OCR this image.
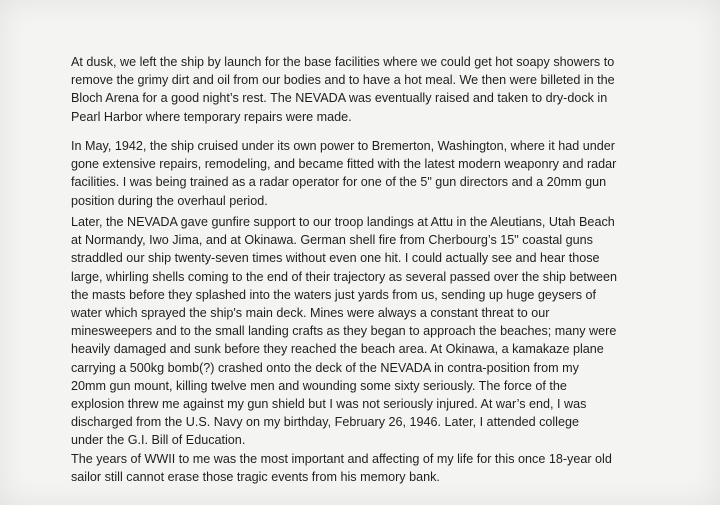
At dusk, we left the ship by launch for the base facilities where we could get hot soapy showers to
remove the grimy dirt and oil from our bodies and to have a hot meal. We then were billeted in the
Bloch Arena for a good night’s rest. The NEVADA was eventually raised and taken to dry-dock in
Pearl Harbor where temporary repairs were made.
In May, 1942, the ship cruised under its own power to Bremerton, Washington, where it had under
gone extensive repairs, remodeling, and became fitted with the latest modern weaponry and radar
facilities. I was being trained as a radar operator for one of the 5" gun directors and a 20mm gun
position during the overhaul period.
Later, the NEVADA gave gunfire support to our troop landings at Attu in the Aleutians, Utah Beach
at Normandy, Iwo Jima, and at Okinawa. German shell fire from Cherbourg’s 15" coastal guns
straddled our ship twenty-seven times without even one hit. I could actually see and hear those
large, whirling shells coming to the end of their trajectory as several passed over the ship between
the masts before they splashed into the waters just yards from us, sending up huge geysers of
water which sprayed the ship's main deck. Mines were always a constant threat to our
minesweepers and to the small landing crafts as they began to approach the beaches; many were
heavily damaged and sunk before they reached the beach area. At Okinawa, a kamakaze plane
carrying a 500kg bomb(?) crashed onto the deck of the NEVADA in contra-position from my
20mm gun mount, killing twelve men and wounding some sixty seriously. The force of the
explosion threw me against my gun shield but I was not seriously injured. At war’s end, I was
discharged from the U.S. Navy on my birthday, February 26, 1946. Later, I attended college
under the G.I. Bill of Education.
The years of WWII to me was the most important and affecting of my life for this once 18-year old
sailor still cannot erase those tragic events from his memory bank.
